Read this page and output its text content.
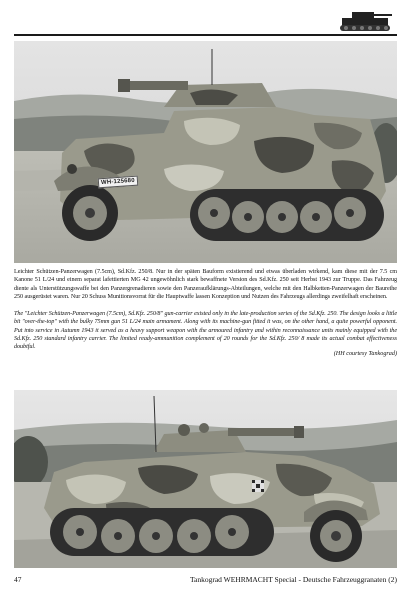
WH-125680

Leichter Schützen-Panzerwagen (7.5cm), Sd.Kfz. 250/8. Nur in der späten Bauform existierend und etwas überladen wirkend, kam diese mit der 7.5 cm Kanone 51 L/24 und einem separat lafettierten MG 42 ungewöhnlich stark bewaffnete Version des Sd.Kfz. 250 seit Herbst 1943 zur Truppe. Das Fahrzeug diente als Unterstützungswaffe bei den Panzergrenadieren sowie den Panzeraufklärungs-Abteilungen, welche mit den Halbketten-Panzerwagen der Baureihe 250 ausgerüstet waren. Nur 20 Schuss Munitionsvorrat für die Hauptwaffe lassen Konzeption und Nutzen des Fahrzeugs allerdings zweifelhaft erscheinen.

The "Leichter Schützen-Panzerwagen (7.5cm), Sd.Kfz. 250/8" gun-carrier existed only in the late-production series of the Sd.Kfz. 250. The design looks a little bit "over-the-top" with the bulky 75mm gun 51 L/24 main armament. Along with its machine-gun fitted it was, on the other hand, a quite powerful opponent. Put into service in Autumn 1943 it served as a heavy support weapon with the armoured infantry and within reconnaissance units mainly equipped with the Sd.Kfz. 250 standard infantry carrier. The limited ready-ammunition complement of 20 rounds for the Sd.Kfz. 250/ 8 made its actual combat effectiveness doubtful.

(HH courtesy Tankograd)
47	Tankograd WEHRMACHT Special - Deutsche Fahrzeuggranaten (2)
